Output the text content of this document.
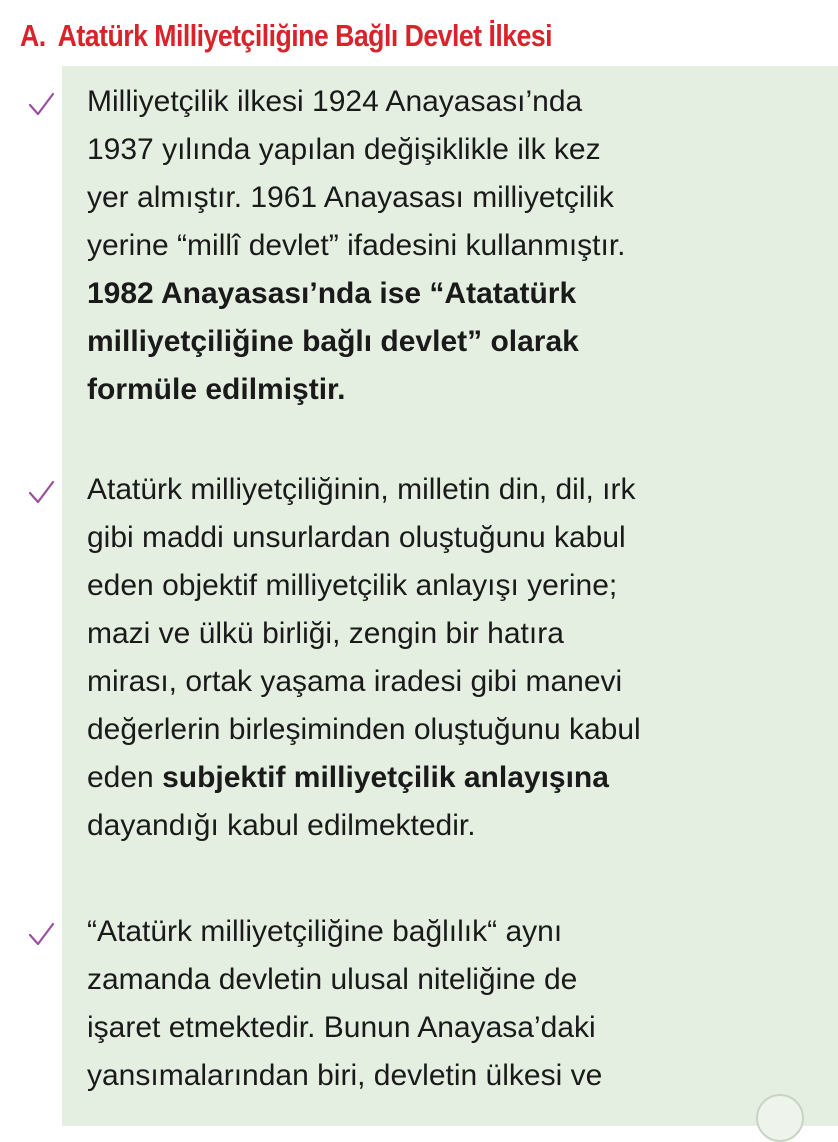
A. Atatürk Milliyetçiliğine Bağlı Devlet İlkesi

Milliyetçilik ilkesi 1924 Anayasası’nda
1937 yılında yapılan değişiklikle ilk kez
yer almıştır. 1961 Anayasası milliyetçilik
yerine “millî devlet” ifadesini kullanmıştır.
1982 Anayasası’nda ise “Atatatürk
milliyetçiliğine bağlı devlet” olarak
formüle edilmiştir.

Atatürk milliyetçiliğinin, milletin din, dil, ırk
gibi maddi unsurlardan oluştuğunu kabul
eden objektif milliyetçilik anlayışı yerine;
mazi ve ülkü birliği, zengin bir hatıra
mirası, ortak yaşama iradesi gibi manevi
değerlerin birleşiminden oluştuğunu kabul
eden subjektif milliyetçilik anlayışına
dayandığı kabul edilmektedir.

“Atatürk milliyetçiliğine bağlılık“ aynı
zamanda devletin ulusal niteliğine de
işaret etmektedir. Bunun Anayasa’daki
yansımalarından biri, devletin ülkesi ve
